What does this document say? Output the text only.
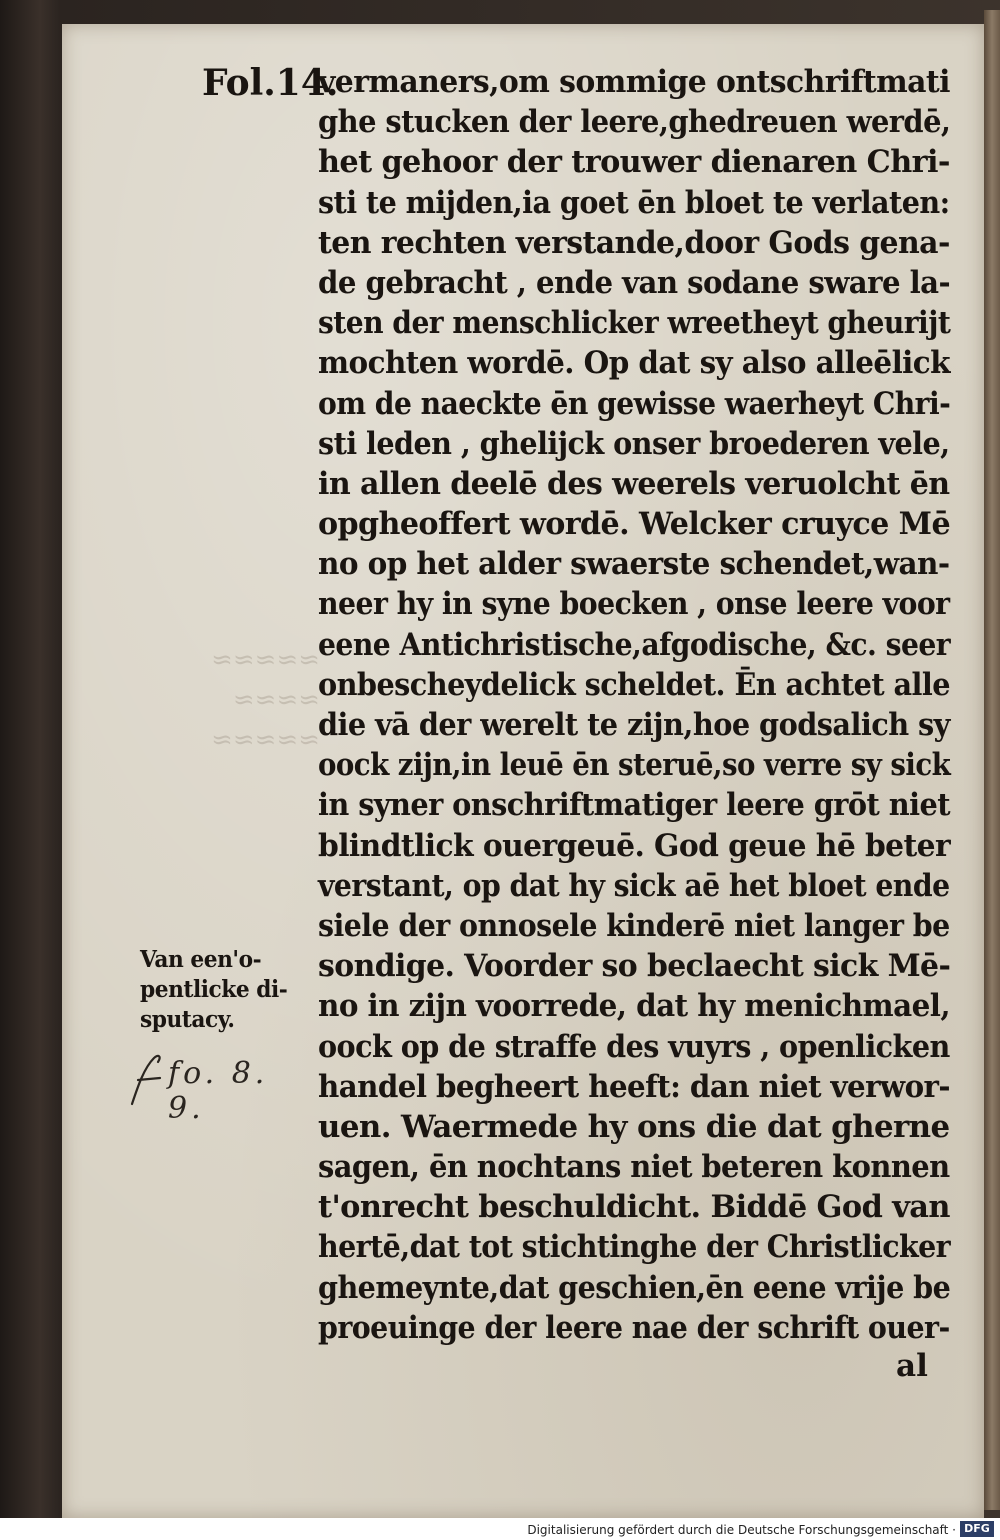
≈≈≈≈≈
≈≈≈≈
≈≈≈≈≈
Fol.14.
vermaners,om sommige ontschriftmati
ghe stucken der leere,ghedreuen werdē,
het gehoor der trouwer dienaren Chri-
sti te mijden,ia goet ēn bloet te verlaten:
ten rechten verstande,door Gods gena-
de gebracht , ende van sodane sware la-
sten der menschlicker wreetheyt gheurijt
mochten wordē. Op dat sy also alleēlick
om de naeckte ēn gewisse waerheyt Chri-
sti leden , ghelijck onser broederen vele,
in allen deelē des weerels veruolcht ēn
opgheoffert wordē. Welcker cruyce Mē
no op het alder swaerste schendet,wan-
neer hy in syne boecken , onse leere voor
eene Antichristische,afgodische, &c. seer
onbescheydelick scheldet. Ēn achtet alle
die vā der werelt te zijn,hoe godsalich sy
oock zijn,in leuē ēn steruē,so verre sy sick
in syner onschriftmatiger leere grōt niet
blindtlick ouergeuē. God geue hē beter
verstant, op dat hy sick aē het bloet ende
siele der onnosele kinderē niet langer be
sondige. Voorder so beclaecht sick Mē-
no in zijn voorrede, dat hy menichmael,
oock op de straffe des vuyrs , openlicken
handel begheert heeft: dan niet verwor-
uen. Waermede hy ons die dat gherne
sagen, ēn nochtans niet beteren konnen
t'onrecht beschuldicht. Biddē God van
hertē,dat tot stichtinghe der Christlicker
ghemeynte,dat geschien,ēn eene vrije be
proeuinge der leere nae der schrift ouer-
Van een'o-
pentlicke di-
sputacy.
fo. 8. 9.
al
Digitalisierung gefördert durch die Deutsche Forschungsgemeinschaft · DFG
